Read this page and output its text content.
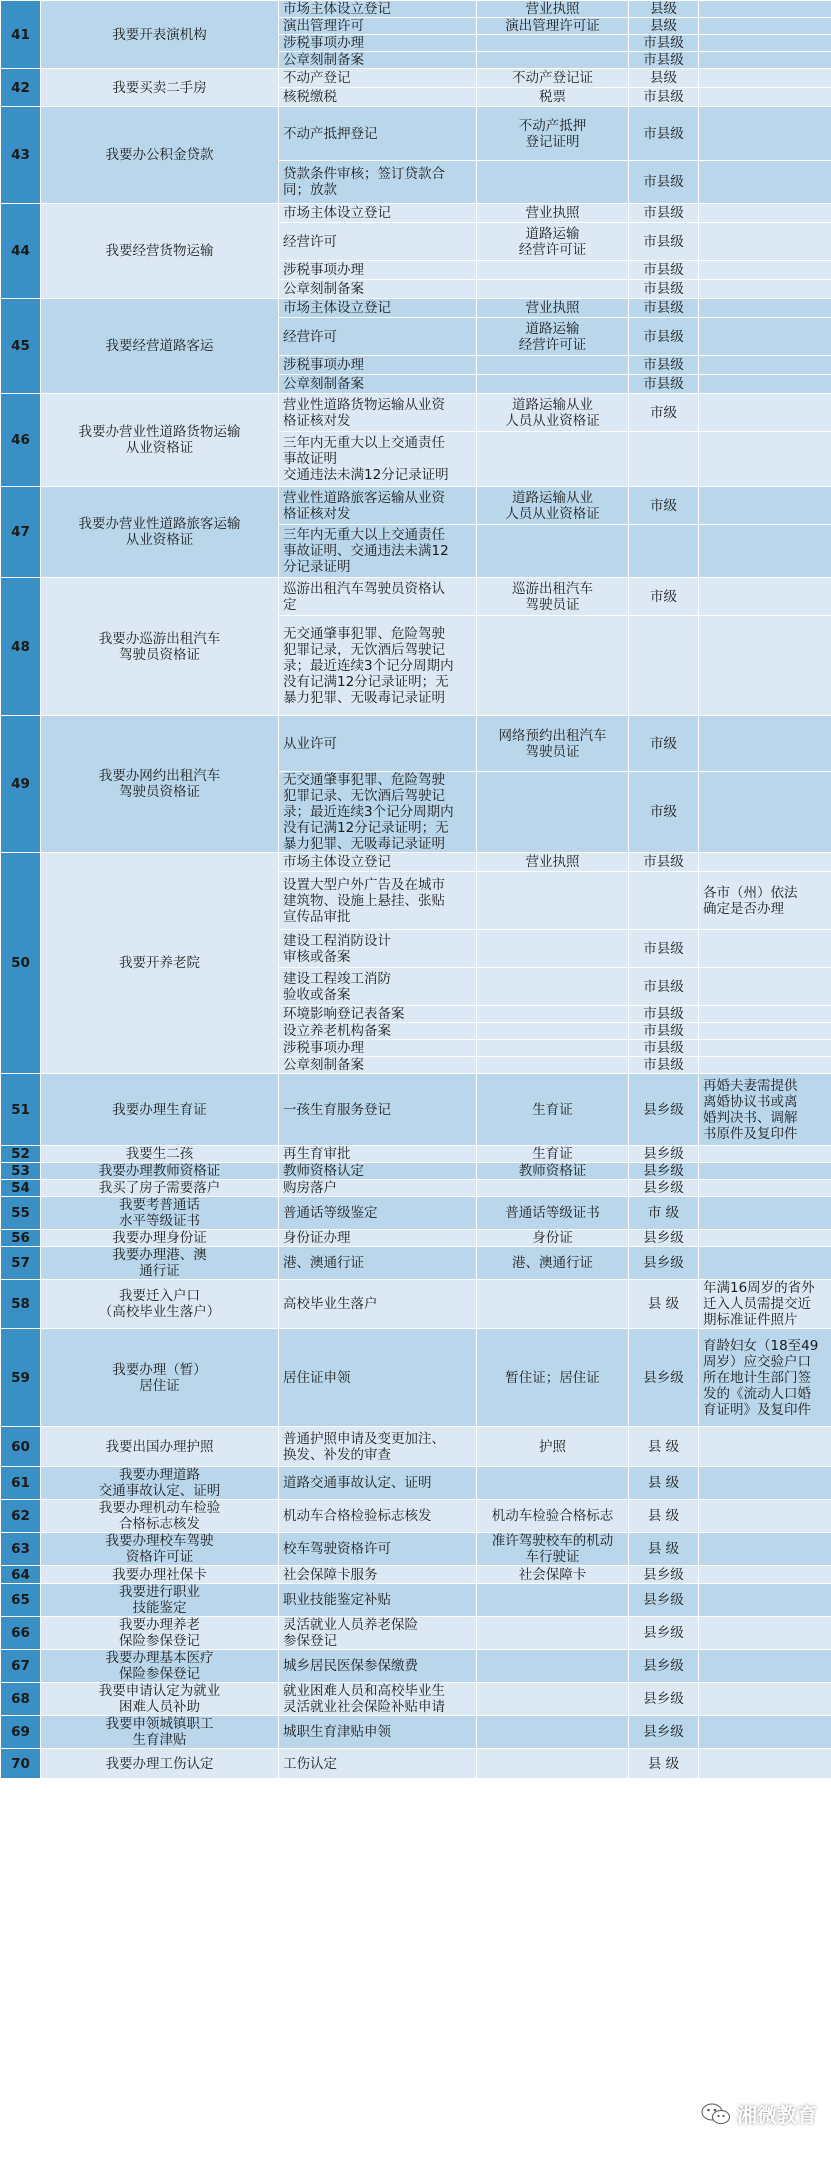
41	我要开表演机构	市场主体设立登记	营业执照	县级	
		演出管理许可	演出管理许可证	县级	
		涉税事项办理		市县级	
		公章刻制备案		市县级	
42	我要买卖二手房	不动产登记	不动产登记证	县级	
		核税缴税	税票	市县级	
43	我要办公积金贷款	不动产抵押登记	不动产抵押
登记证明	市县级	
		贷款条件审核；签订贷款合
同；放款		市县级	
44	我要经营货物运输	市场主体设立登记	营业执照	市县级	
		经营许可	道路运输
经营许可证	市县级	
		涉税事项办理		市县级	
		公章刻制备案		市县级	
45	我要经营道路客运	市场主体设立登记	营业执照	市县级	
		经营许可	道路运输
经营许可证	市县级	
		涉税事项办理		市县级	
		公章刻制备案		市县级	
46	我要办营业性道路货物运输
从业资格证	营业性道路货物运输从业资
格证核对发	道路运输从业
人员从业资格证	市级	
		三年内无重大以上交通责任
事故证明
交通违法未满12分记录证明			
47	我要办营业性道路旅客运输
从业资格证	营业性道路旅客运输从业资
格证核对发	道路运输从业
人员从业资格证	市级	
		三年内无重大以上交通责任
事故证明、交通违法未满12
分记录证明			
48	我要办巡游出租汽车
驾驶员资格证	巡游出租汽车驾驶员资格认
定	巡游出租汽车
驾驶员证	市级	
		无交通肇事犯罪、危险驾驶
犯罪记录，无饮酒后驾驶记
录；最近连续3个记分周期内
没有记满12分记录证明；无
暴力犯罪、无吸毒记录证明			
49	我要办网约出租汽车
驾驶员资格证	从业许可	网络预约出租汽车
驾驶员证	市级	
		无交通肇事犯罪、危险驾驶
犯罪记录、无饮酒后驾驶记
录；最近连续3个记分周期内
没有记满12分记录证明；无
暴力犯罪、无吸毒记录证明		市级	
50	我要开养老院	市场主体设立登记	营业执照	市县级	
		设置大型户外广告及在城市
建筑物、设施上悬挂、张贴
宣传品审批			各市（州）依法
确定是否办理
		建设工程消防设计
审核或备案		市县级	
		建设工程竣工消防
验收或备案		市县级	
		环境影响登记表备案		市县级	
		设立养老机构备案		市县级	
		涉税事项办理		市县级	
		公章刻制备案		市县级	
51	我要办理生育证	一孩生育服务登记	生育证	县乡级	再婚夫妻需提供
离婚协议书或离
婚判决书、调解
书原件及复印件
52	我要生二孩	再生育审批	生育证	县乡级	
53	我要办理教师资格证	教师资格认定	教师资格证	县乡级	
54	我买了房子需要落户	购房落户		县乡级	
55	我要考普通话
水平等级证书	普通话等级鉴定	普通话等级证书	市 级	
56	我要办理身份证	身份证办理	身份证	县乡级	
57	我要办理港、澳
通行证	港、澳通行证	港、澳通行证	县乡级	
58	我要迁入户口
（高校毕业生落户）	高校毕业生落户		县 级	年满16周岁的省外
迁入人员需提交近
期标准证件照片
59	我要办理（暂）
居住证	居住证申领	暂住证；居住证	县乡级	育龄妇女（18至49
周岁）应交验户口
所在地计生部门签
发的《流动人口婚
育证明》及复印件
60	我要出国办理护照	普通护照申请及变更加注、
换发、补发的审查	护照	县 级	
61	我要办理道路
交通事故认定、证明	道路交通事故认定、证明		县 级	
62	我要办理机动车检验
合格标志核发	机动车合格检验标志核发	机动车检验合格标志	县 级	
63	我要办理校车驾驶
资格许可证	校车驾驶资格许可	准许驾驶校车的机动
车行驶证	县 级	
64	我要办理社保卡	社会保障卡服务	社会保障卡	县乡级	
65	我要进行职业
技能鉴定	职业技能鉴定补贴		县乡级	
66	我要办理养老
保险参保登记	灵活就业人员养老保险
参保登记		县乡级	
67	我要办理基本医疗
保险参保登记	城乡居民医保参保缴费		县乡级	
68	我要申请认定为就业
困难人员补助	就业困难人员和高校毕业生
灵活就业社会保险补贴申请		县乡级	
69	我要申领城镇职工
生育津贴	城职生育津贴申领		县乡级	
70	我要办理工伤认定	工伤认定		县 级	
湘微教育
